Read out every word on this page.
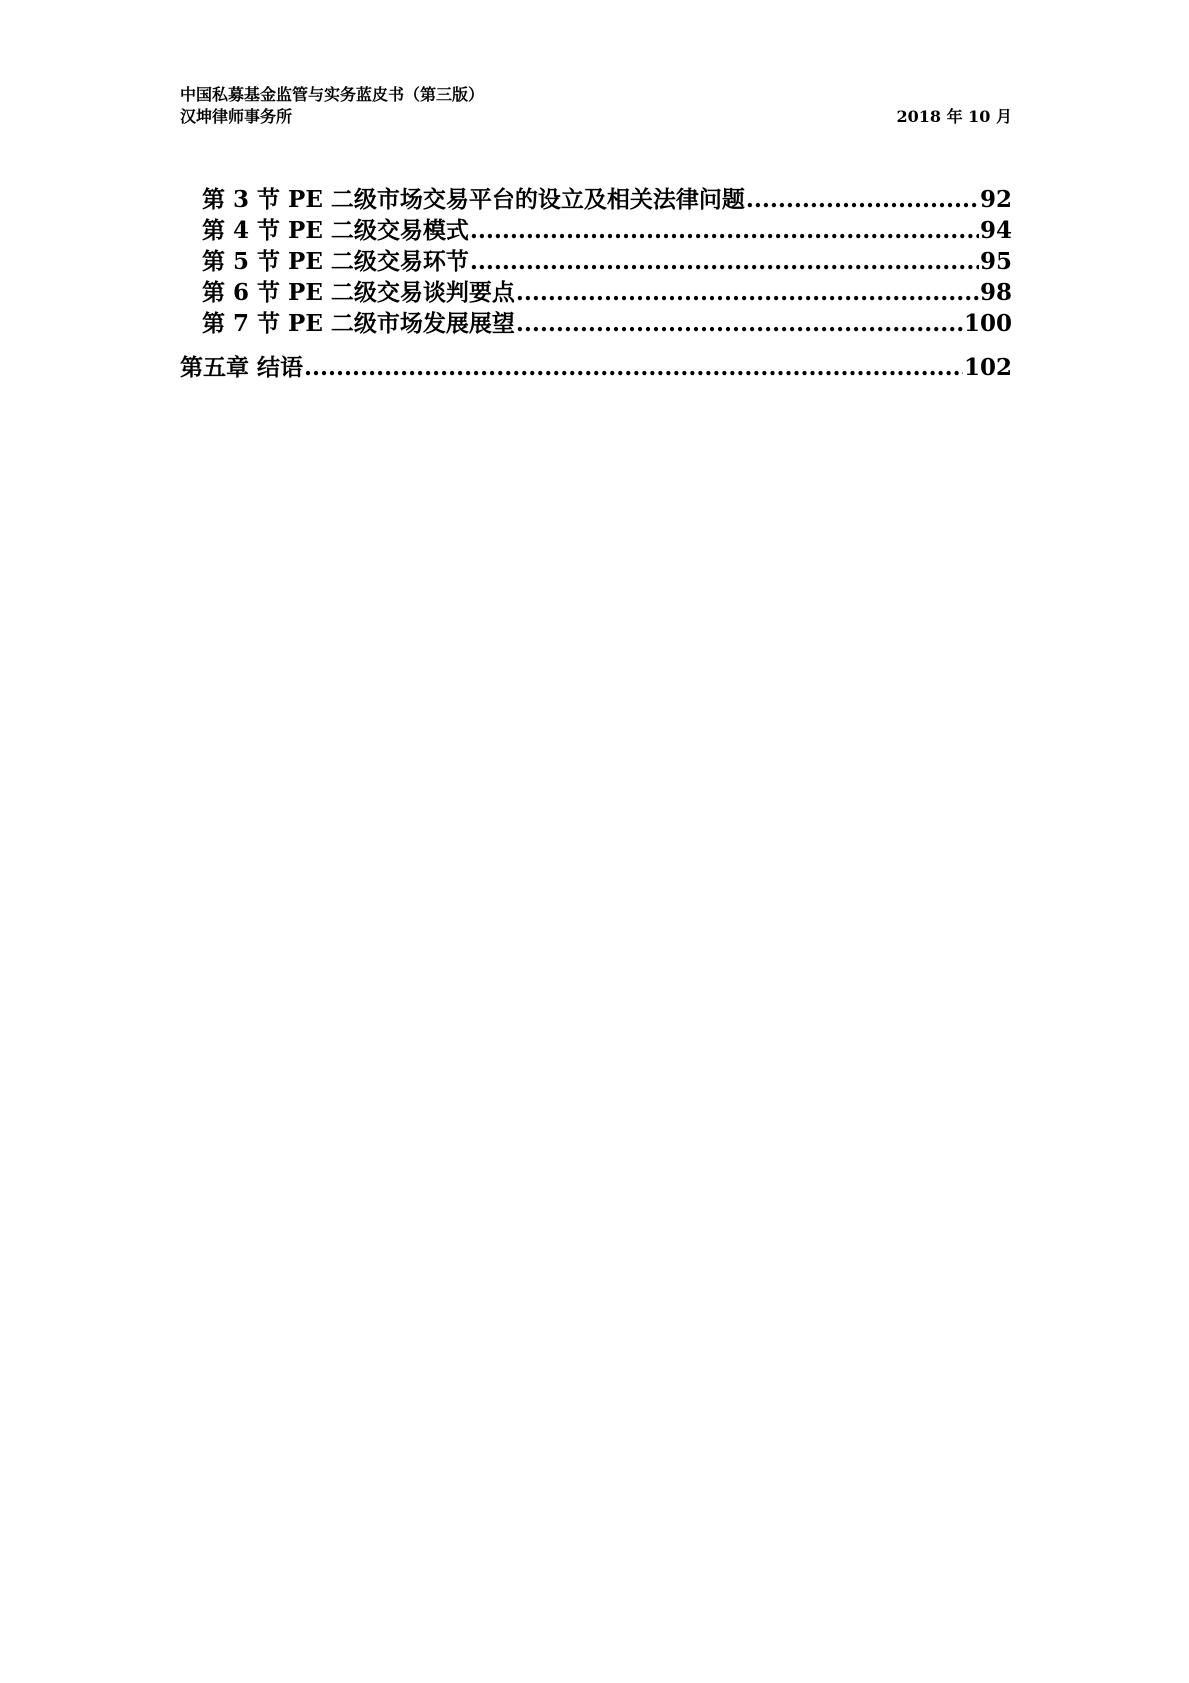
中国私募基金监管与实务蓝皮书（第三版）
汉坤律师事务所	2018 年 10 月
第 3 节 PE 二级市场交易平台的设立及相关法律问题 .....	92
第 4 节 PE 二级交易模式 .....	94
第 5 节 PE 二级交易环节 .....	95
第 6 节 PE 二级交易谈判要点 .....	98
第 7 节 PE 二级市场发展展望 .....	100
第五章 结语 .....	102
